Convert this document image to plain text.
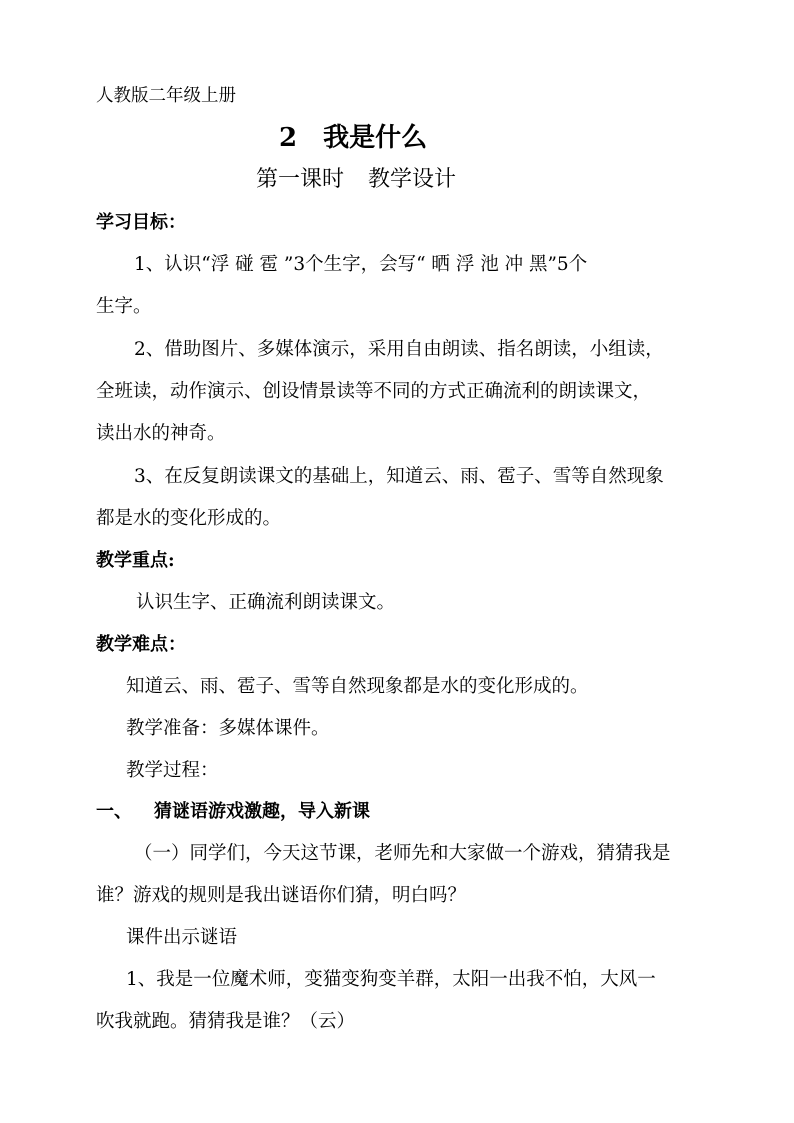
人教版二年级上册
2 我是什么
第一课时 教学设计
学习目标：
1、认识“浮 碰 雹 ”3个生字，会写“ 晒 浮 池 冲 黑”5个
生字。
2、借助图片、多媒体演示，采用自由朗读、指名朗读，小组读，
全班读，动作演示、创设情景读等不同的方式正确流利的朗读课文，
读出水的神奇。
3、在反复朗读课文的基础上，知道云、雨、雹子、雪等自然现象
都是水的变化形成的。
教学重点:
认识生字、正确流利朗读课文。
教学难点：
知道云、雨、雹子、雪等自然现象都是水的变化形成的。
教学准备：多媒体课件。
教学过程：
一、 猜谜语游戏激趣，导入新课
（一）同学们，今天这节课，老师先和大家做一个游戏，猜猜我是
谁？游戏的规则是我出谜语你们猜，明白吗？
课件出示谜语
1、我是一位魔术师，变猫变狗变羊群，太阳一出我不怕，大风一
吹我就跑。猜猜我是谁？（云）
